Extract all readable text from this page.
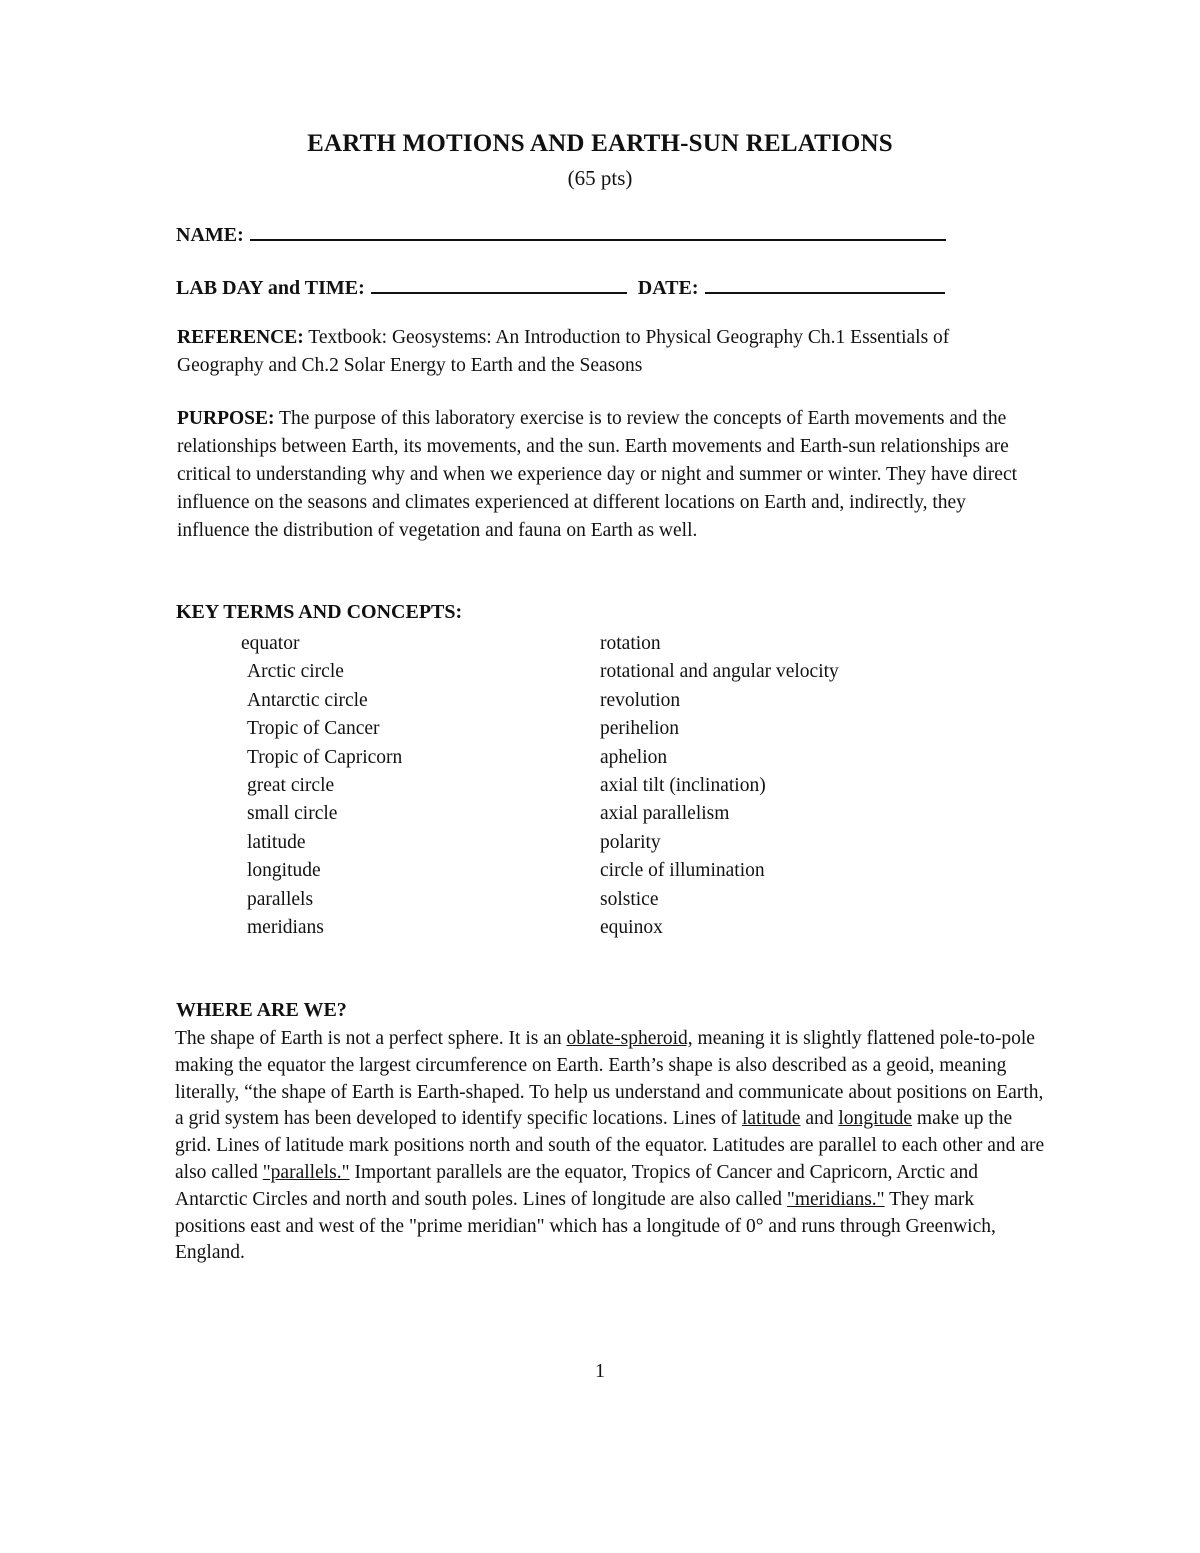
EARTH MOTIONS AND EARTH-SUN RELATIONS
(65 pts)
NAME:
LAB DAY and TIME:	DATE:
REFERENCE: Textbook: Geosystems: An Introduction to Physical Geography Ch.1 Essentials of Geography and Ch.2 Solar Energy to Earth and the Seasons
PURPOSE: The purpose of this laboratory exercise is to review the concepts of Earth movements and the relationships between Earth, its movements, and the sun. Earth movements and Earth-sun relationships are critical to understanding why and when we experience day or night and summer or winter. They have direct influence on the seasons and climates experienced at different locations on Earth and, indirectly, they influence the distribution of vegetation and fauna on Earth as well.
KEY TERMS AND CONCEPTS:
equator
Arctic circle
Antarctic circle
Tropic of Cancer
Tropic of Capricorn
great circle
small circle
latitude
longitude
parallels
meridians
rotation
rotational and angular velocity
revolution
perihelion
aphelion
axial tilt (inclination)
axial parallelism
polarity
circle of illumination
solstice
equinox
WHERE ARE WE?
The shape of Earth is not a perfect sphere. It is an oblate-spheroid, meaning it is slightly flattened pole-to-pole making the equator the largest circumference on Earth. Earth’s shape is also described as a geoid, meaning literally, “the shape of Earth is Earth-shaped. To help us understand and communicate about positions on Earth, a grid system has been developed to identify specific locations. Lines of latitude and longitude make up the grid. Lines of latitude mark positions north and south of the equator. Latitudes are parallel to each other and are also called "parallels." Important parallels are the equator, Tropics of Cancer and Capricorn, Arctic and Antarctic Circles and north and south poles. Lines of longitude are also called "meridians." They mark positions east and west of the "prime meridian" which has a longitude of 0° and runs through Greenwich, England.
1
